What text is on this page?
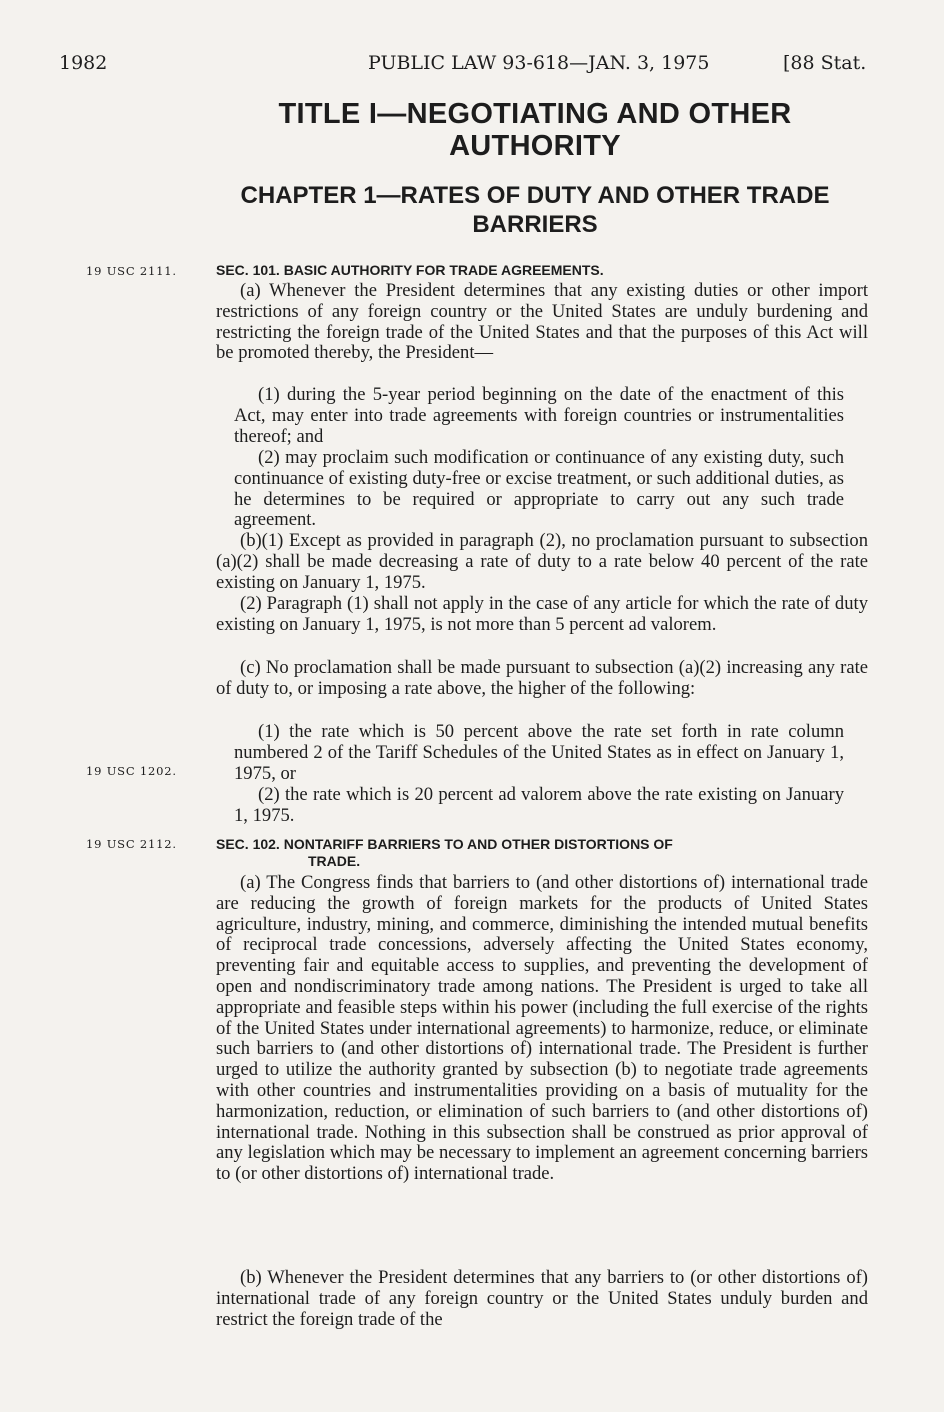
1982	PUBLIC LAW 93-618—JAN. 3, 1975	[88 Stat.
TITLE I—NEGOTIATING AND OTHER AUTHORITY
CHAPTER 1—RATES OF DUTY AND OTHER TRADE BARRIERS
19 USC 2111.
19 USC 1202.
19 USC 2112.
SEC. 101. BASIC AUTHORITY FOR TRADE AGREEMENTS.

(a) Whenever the President determines that any existing duties or other import restrictions of any foreign country or the United States are unduly burdening and restricting the foreign trade of the United States and that the purposes of this Act will be promoted thereby, the President—

(1) during the 5-year period beginning on the date of the enactment of this Act, may enter into trade agreements with foreign countries or instrumentalities thereof; and

(2) may proclaim such modification or continuance of any existing duty, such continuance of existing duty-free or excise treatment, or such additional duties, as he determines to be required or appropriate to carry out any such trade agreement.

(b)(1) Except as provided in paragraph (2), no proclamation pursuant to subsection (a)(2) shall be made decreasing a rate of duty to a rate below 40 percent of the rate existing on January 1, 1975.

(2) Paragraph (1) shall not apply in the case of any article for which the rate of duty existing on January 1, 1975, is not more than 5 percent ad valorem.

(c) No proclamation shall be made pursuant to subsection (a)(2) increasing any rate of duty to, or imposing a rate above, the higher of the following:

(1) the rate which is 50 percent above the rate set forth in rate column numbered 2 of the Tariff Schedules of the United States as in effect on January 1, 1975, or

(2) the rate which is 20 percent ad valorem above the rate existing on January 1, 1975.

SEC. 102. NONTARIFF BARRIERS TO AND OTHER DISTORTIONS OF
TRADE.

(a) The Congress finds that barriers to (and other distortions of) international trade are reducing the growth of foreign markets for the products of United States agriculture, industry, mining, and commerce, diminishing the intended mutual benefits of reciprocal trade concessions, adversely affecting the United States economy, preventing fair and equitable access to supplies, and preventing the development of open and nondiscriminatory trade among nations. The President is urged to take all appropriate and feasible steps within his power (including the full exercise of the rights of the United States under international agreements) to harmonize, reduce, or eliminate such barriers to (and other distortions of) international trade. The President is further urged to utilize the authority granted by subsection (b) to negotiate trade agreements with other countries and instrumentalities providing on a basis of mutuality for the harmonization, reduction, or elimination of such barriers to (and other distortions of) international trade. Nothing in this subsection shall be construed as prior approval of any legislation which may be necessary to implement an agreement concerning barriers to (or other distortions of) international trade.

(b) Whenever the President determines that any barriers to (or other distortions of) international trade of any foreign country or the United States unduly burden and restrict the foreign trade of the
